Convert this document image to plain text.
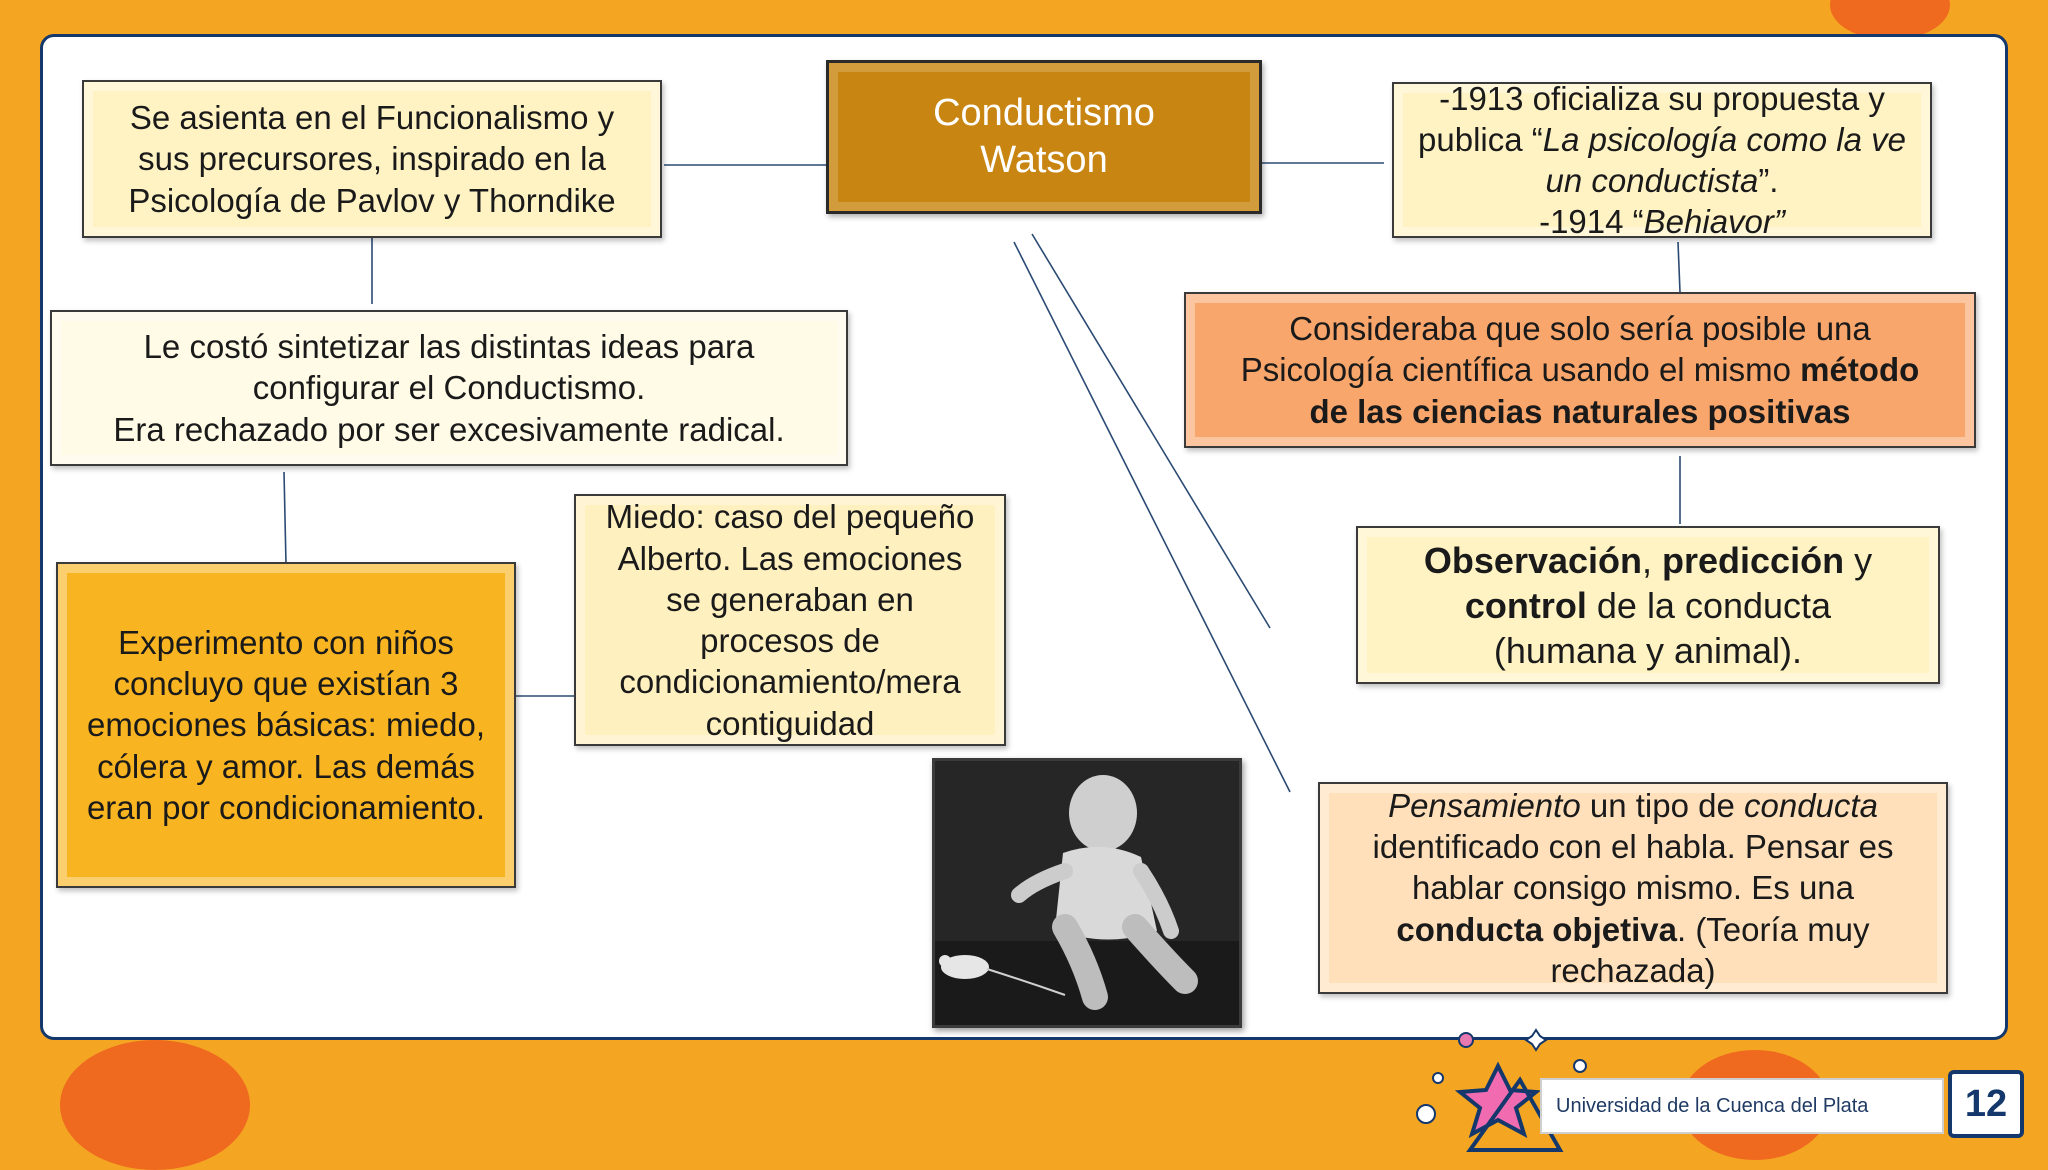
Conductismo
Watson
Se asienta en el Funcionalismo y
sus precursores, inspirado en la
Psicología de Pavlov y Thorndike
Le costó sintetizar las distintas ideas para
configurar el Conductismo.
Era rechazado por ser excesivamente radical.
Experimento con niños
concluyo que existían 3
emociones básicas: miedo,
cólera y amor. Las demás
eran por condicionamiento.
Miedo: caso del pequeño
Alberto. Las emociones
se generaban en
procesos de
condicionamiento/mera
contiguidad
-1913 oficializa su propuesta y
publica “La psicología como la ve
un conductista”.
-1914 “Behiavor”
Consideraba que solo sería posible una
Psicología científica usando el mismo método
de las ciencias naturales positivas
Observación, predicción y
control de la conducta
(humana y animal).
Pensamiento un tipo de conducta
identificado con el habla. Pensar es
hablar consigo mismo. Es una
conducta objetiva. (Teoría muy
rechazada)
Universidad de la Cuenca del Plata	12
